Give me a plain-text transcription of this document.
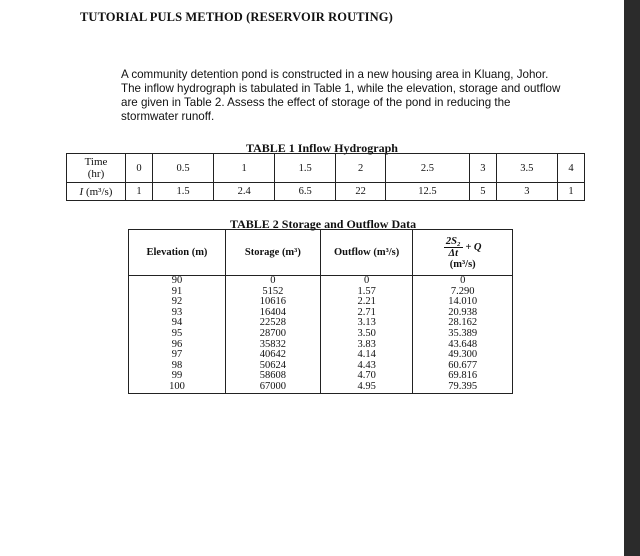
TUTORIAL PULS METHOD (RESERVOIR ROUTING)
A community detention pond is constructed in a new housing area in Kluang, Johor. The inflow hydrograph is tabulated in Table 1, while the elevation, storage and outflow are given in Table 2. Assess the effect of storage of the pond in reducing the stormwater runoff.
TABLE 1 Inflow Hydrograph
Time
(hr)	0	0.5	1	1.5	2	2.5	3	3.5	4
I (m³/s)	1	1.5	2.4	6.5	22	12.5	5	3	1
TABLE 2 Storage and Outflow Data
Elevation (m)	Storage (m³)	Outflow (m³/s)	$\frac{\text{2S₂}}{\Delta t} + Q$
(m³/s)
90	0	0	0
91	5152	1.57	7.290
92	10616	2.21	14.010
93	16404	2.71	20.938
94	22528	3.13	28.162
95	28700	3.50	35.389
96	35832	3.83	43.648
97	40642	4.14	49.300
98	50624	4.43	60.677
99	58608	4.70	69.816
100	67000	4.95	79.395
